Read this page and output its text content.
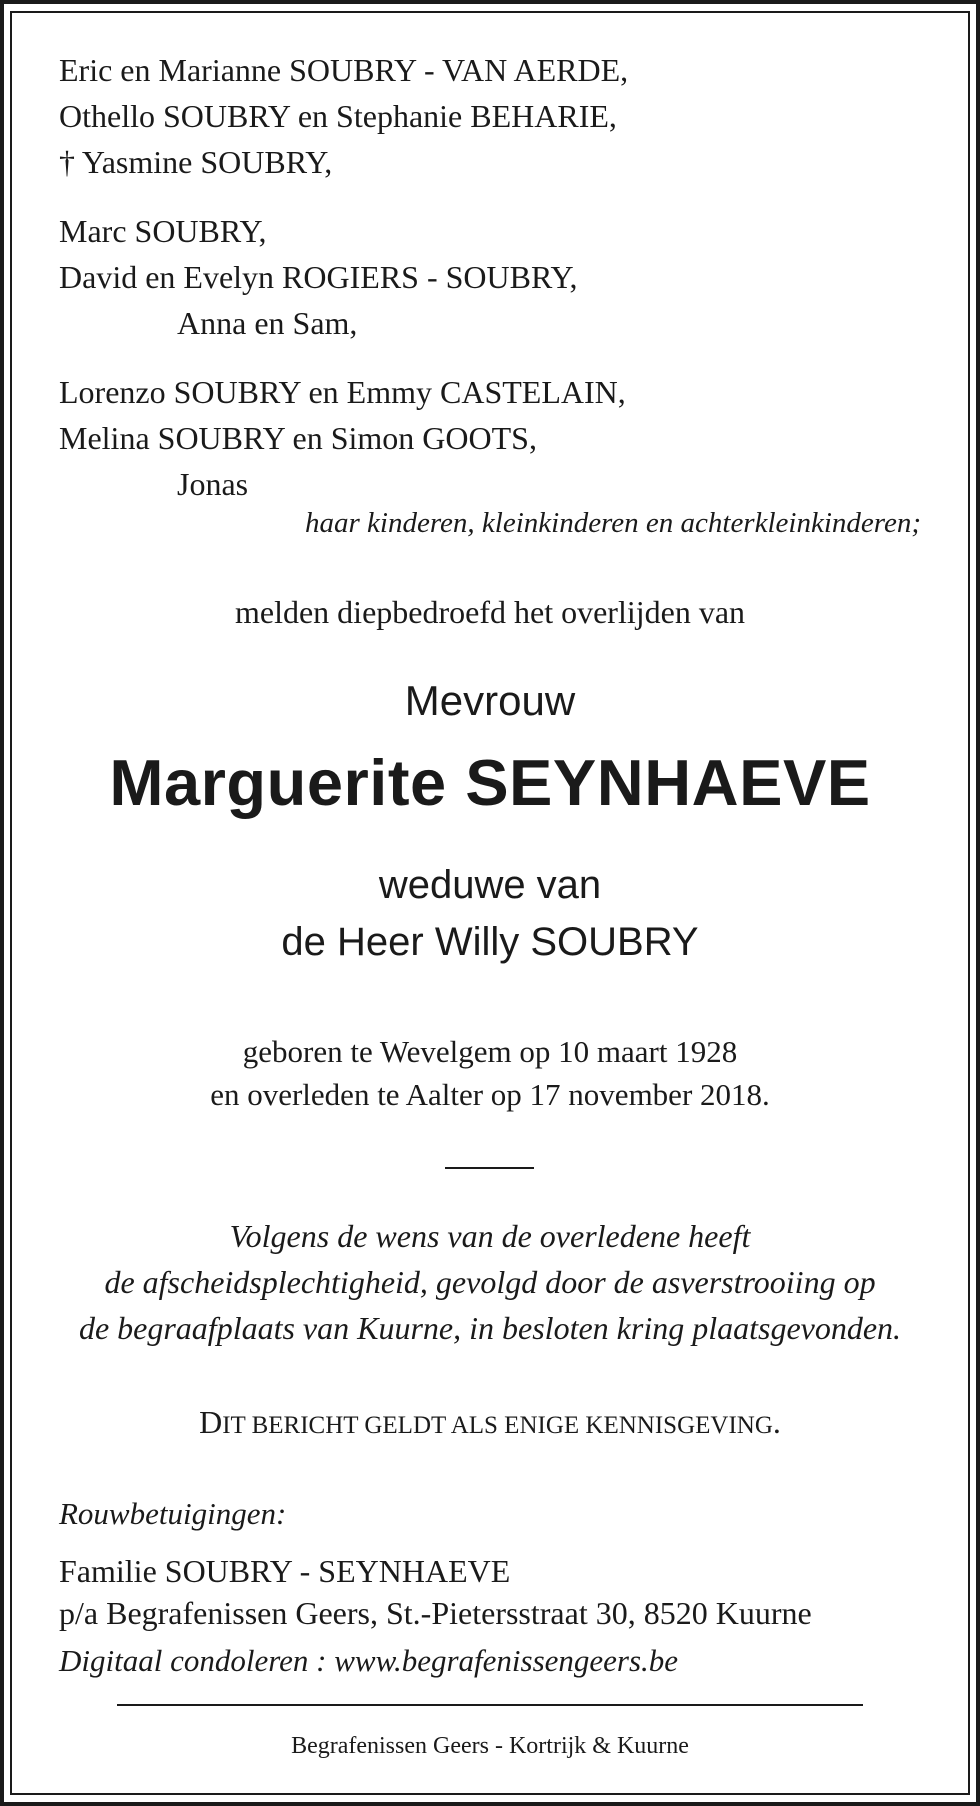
Eric en Marianne SOUBRY - VAN AERDE,
Othello SOUBRY en Stephanie BEHARIE,
† Yasmine SOUBRY,
Marc SOUBRY,
David en Evelyn ROGIERS - SOUBRY,
Anna en Sam,
Lorenzo SOUBRY en Emmy CASTELAIN,
Melina SOUBRY en Simon GOOTS,
Jonas
haar kinderen, kleinkinderen en achterkleinkinderen;
melden diepbedroefd het overlijden van
Mevrouw
Marguerite SEYNHAEVE
weduwe van
de Heer Willy SOUBRY
geboren te Wevelgem op 10 maart 1928
en overleden te Aalter op 17 november 2018.
Volgens de wens van de overledene heeft
de afscheidsplechtigheid, gevolgd door de asverstrooiing op
de begraafplaats van Kuurne, in besloten kring plaatsgevonden.
DIT BERICHT GELDT ALS ENIGE KENNISGEVING.
Rouwbetuigingen:
Familie SOUBRY - SEYNHAEVE
p/a Begrafenissen Geers, St.-Pietersstraat 30, 8520 Kuurne
Digitaal condoleren : www.begrafenissengeers.be
Begrafenissen Geers - Kortrijk & Kuurne
